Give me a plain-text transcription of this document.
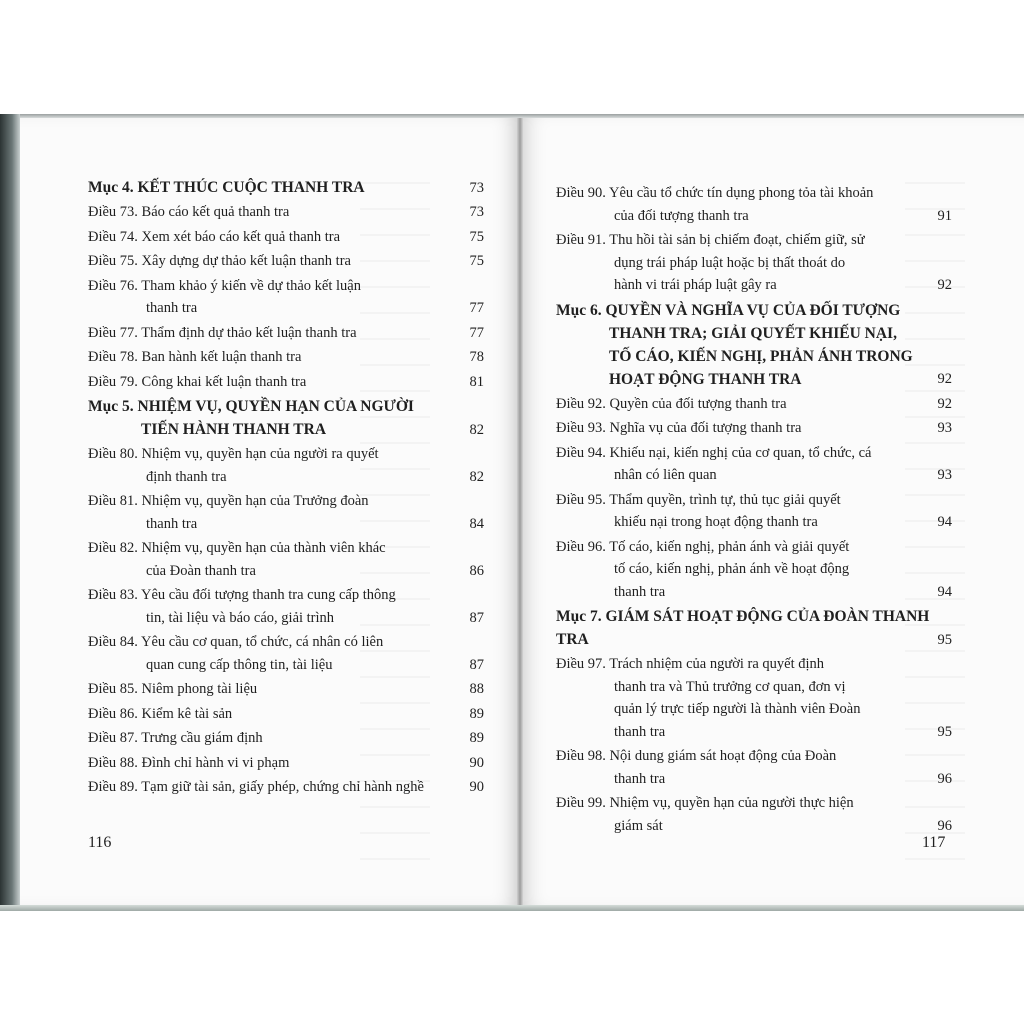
Mục 4. KẾT THÚC CUỘC THANH TRA	73
Điều 73. Báo cáo kết quả thanh tra	73
Điều 74. Xem xét báo cáo kết quả thanh tra	75
Điều 75. Xây dựng dự thảo kết luận thanh tra	75
Điều 76. Tham khảo ý kiến về dự thảo kết luận
thanh tra	77
Điều 77. Thẩm định dự thảo kết luận thanh tra	77
Điều 78. Ban hành kết luận thanh tra	78
Điều 79. Công khai kết luận thanh tra	81
Mục 5. NHIỆM VỤ, QUYỀN HẠN CỦA NGƯỜI
TIẾN HÀNH THANH TRA	82
Điều 80. Nhiệm vụ, quyền hạn của người ra quyết
định thanh tra	82
Điều 81. Nhiệm vụ, quyền hạn của Trưởng đoàn
thanh tra	84
Điều 82. Nhiệm vụ, quyền hạn của thành viên khác
của Đoàn thanh tra	86
Điều 83. Yêu cầu đối tượng thanh tra cung cấp thông
tin, tài liệu và báo cáo, giải trình	87
Điều 84. Yêu cầu cơ quan, tổ chức, cá nhân có liên
quan cung cấp thông tin, tài liệu	87
Điều 85. Niêm phong tài liệu	88
Điều 86. Kiểm kê tài sản	89
Điều 87. Trưng cầu giám định	89
Điều 88. Đình chỉ hành vi vi phạm	90
Điều 89. Tạm giữ tài sản, giấy phép, chứng chỉ hành nghề	90
Điều 90. Yêu cầu tổ chức tín dụng phong tỏa tài khoản
của đối tượng thanh tra	91
Điều 91. Thu hồi tài sản bị chiếm đoạt, chiếm giữ, sử
dụng trái pháp luật hoặc bị thất thoát do
hành vi trái pháp luật gây ra	92
Mục 6. QUYỀN VÀ NGHĨA VỤ CỦA ĐỐI TƯỢNG
THANH TRA; GIẢI QUYẾT KHIẾU NẠI,
TỐ CÁO, KIẾN NGHỊ, PHẢN ÁNH TRONG
HOẠT ĐỘNG THANH TRA	92
Điều 92. Quyền của đối tượng thanh tra	92
Điều 93. Nghĩa vụ của đối tượng thanh tra	93
Điều 94. Khiếu nại, kiến nghị của cơ quan, tổ chức, cá
nhân có liên quan	93
Điều 95. Thẩm quyền, trình tự, thủ tục giải quyết
khiếu nại trong hoạt động thanh tra	94
Điều 96. Tố cáo, kiến nghị, phản ánh và giải quyết
tố cáo, kiến nghị, phản ánh về hoạt động
thanh tra	94
Mục 7. GIÁM SÁT HOẠT ĐỘNG CỦA ĐOÀN THANH TRA	95
Điều 97. Trách nhiệm của người ra quyết định
thanh tra và Thủ trưởng cơ quan, đơn vị
quản lý trực tiếp người là thành viên Đoàn
thanh tra	95
Điều 98. Nội dung giám sát hoạt động của Đoàn
thanh tra	96
Điều 99. Nhiệm vụ, quyền hạn của người thực hiện
giám sát	96
116	117
